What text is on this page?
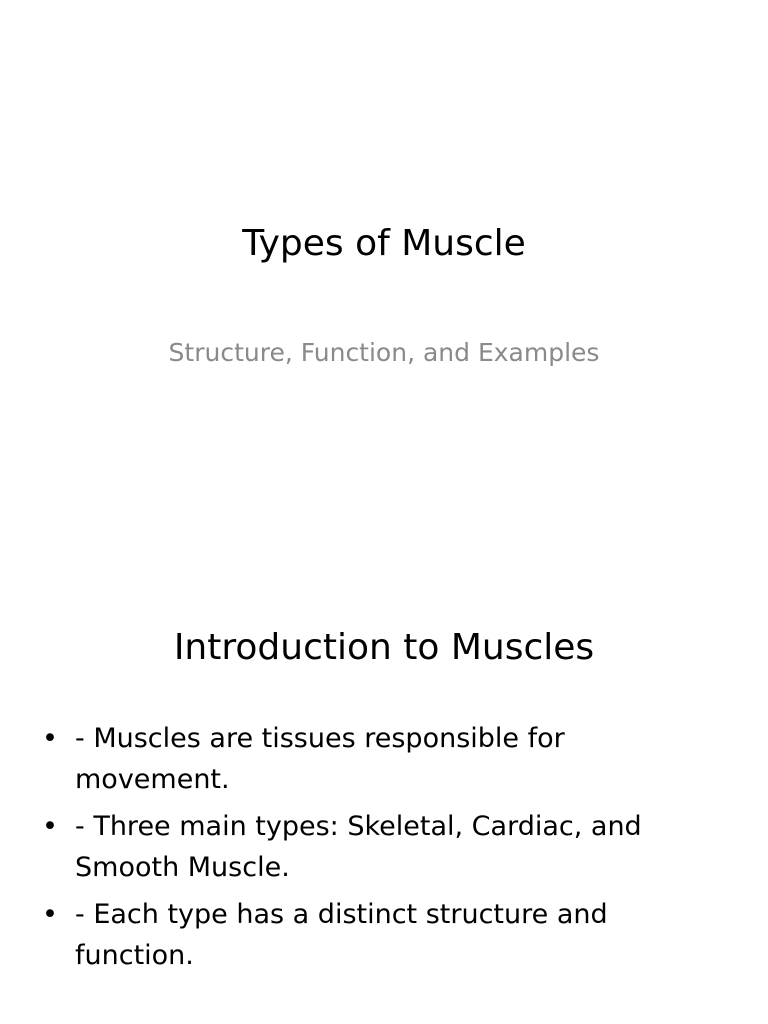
Types of Muscle
Structure, Function, and Examples
Introduction to Muscles
• - Muscles are tissues responsible for movement.
• - Three main types: Skeletal, Cardiac, and Smooth Muscle.
• - Each type has a distinct structure and function.
